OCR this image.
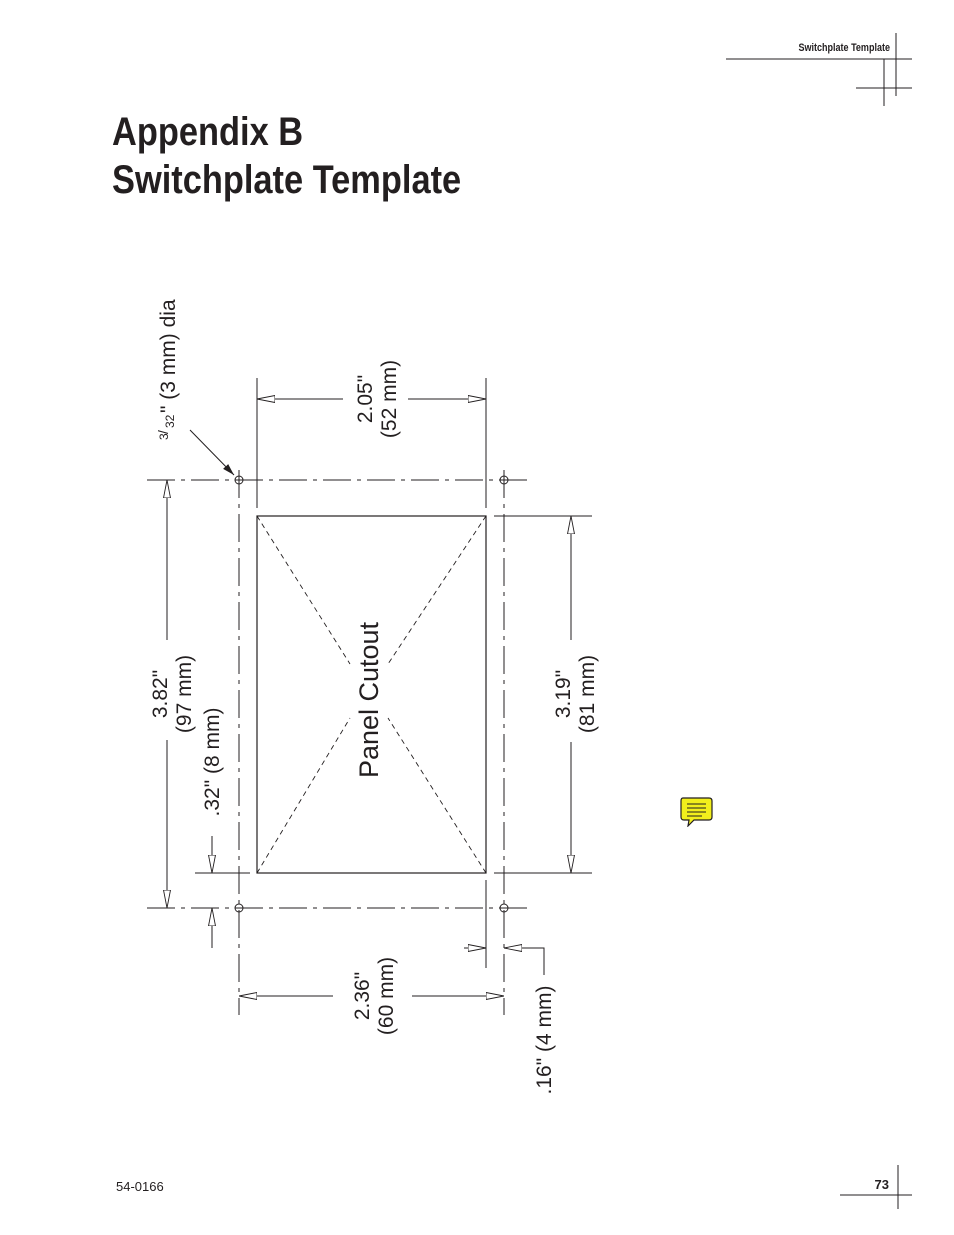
Switchplate Template
Appendix B
Switchplate Template
Panel Cutout
2.05" (52 mm)
3.82" (97 mm)
.32" (8 mm)
3.19" (81 mm)
2.36" (60 mm)	.16" (4 mm)
3
/
32
" (3 mm) dia
54-0166	73
